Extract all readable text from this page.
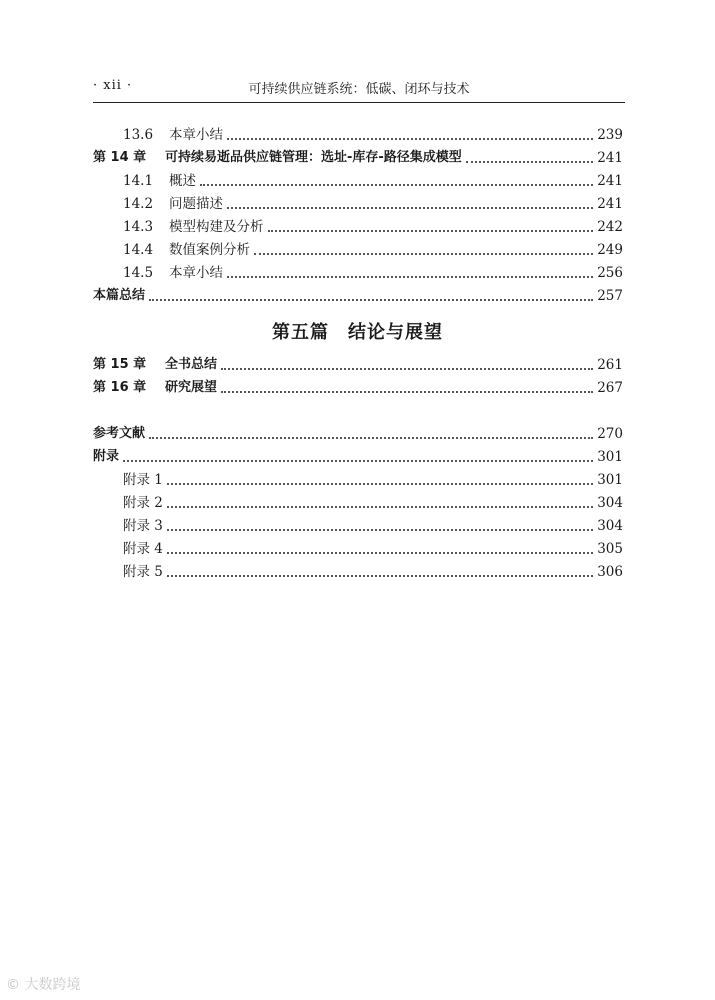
· xii ·	可持续供应链系统：低碳、闭环与技术
13.6 本章小结	239
第 14 章 可持续易逝品供应链管理：选址-库存-路径集成模型	241
14.1 概述	241
14.2 问题描述	241
14.3 模型构建及分析	242
14.4 数值案例分析	249
14.5 本章小结	256
本篇总结	257
第 15 章 全书总结	261
第 16 章 研究展望	267
参考文献	270
附录	301
附录 1	301
附录 2	304
附录 3	304
附录 4	305
附录 5	306
第五篇　结论与展望
© 大数跨境
